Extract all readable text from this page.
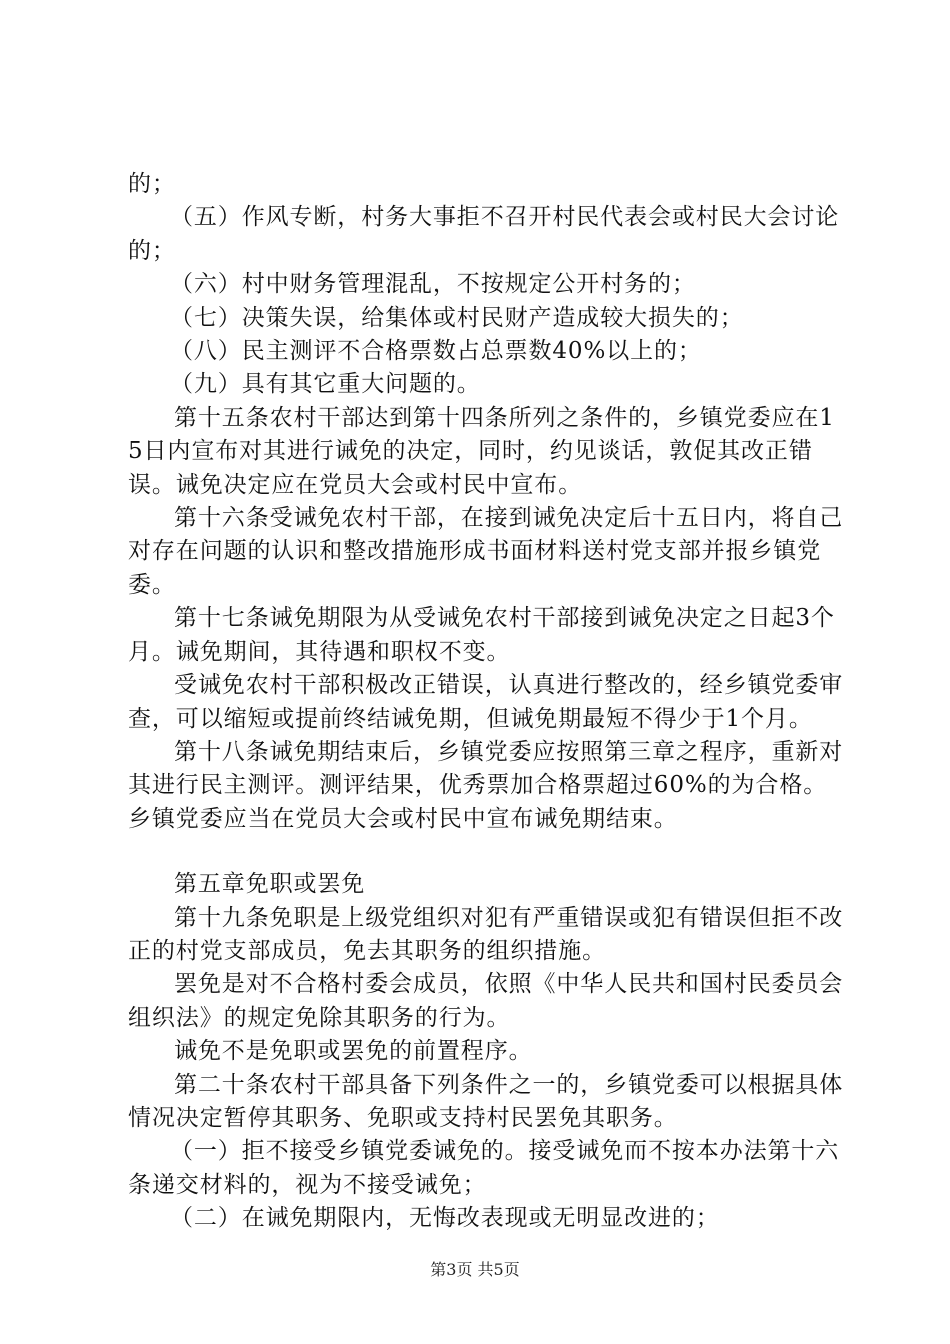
的；

（五）作风专断，村务大事拒不召开村民代表会或村民大会讨论的；

（六）村中财务管理混乱，不按规定公开村务的；

（七）决策失误，给集体或村民财产造成较大损失的；

（八）民主测评不合格票数占总票数40%以上的；

（九）具有其它重大问题的。

第十五条农村干部达到第十四条所列之条件的，乡镇党委应在15日内宣布对其进行诫免的决定，同时，约见谈话，敦促其改正错误。诫免决定应在党员大会或村民中宣布。

第十六条受诫免农村干部，在接到诫免决定后十五日内，将自己对存在问题的认识和整改措施形成书面材料送村党支部并报乡镇党委。

第十七条诫免期限为从受诫免农村干部接到诫免决定之日起3个月。诫免期间，其待遇和职权不变。

受诫免农村干部积极改正错误，认真进行整改的，经乡镇党委审查，可以缩短或提前终结诫免期，但诫免期最短不得少于1个月。

第十八条诫免期结束后，乡镇党委应按照第三章之程序，重新对其进行民主测评。测评结果，优秀票加合格票超过60%的为合格。乡镇党委应当在党员大会或村民中宣布诫免期结束。

第五章免职或罢免

第十九条免职是上级党组织对犯有严重错误或犯有错误但拒不改正的村党支部成员，免去其职务的组织措施。

罢免是对不合格村委会成员，依照《中华人民共和国村民委员会组织法》的规定免除其职务的行为。

诫免不是免职或罢免的前置程序。

第二十条农村干部具备下列条件之一的，乡镇党委可以根据具体情况决定暂停其职务、免职或支持村民罢免其职务。

（一）拒不接受乡镇党委诫免的。接受诫免而不按本办法第十六条递交材料的，视为不接受诫免；

（二）在诫免期限内，无悔改表现或无明显改进的；

第3页 共5页
